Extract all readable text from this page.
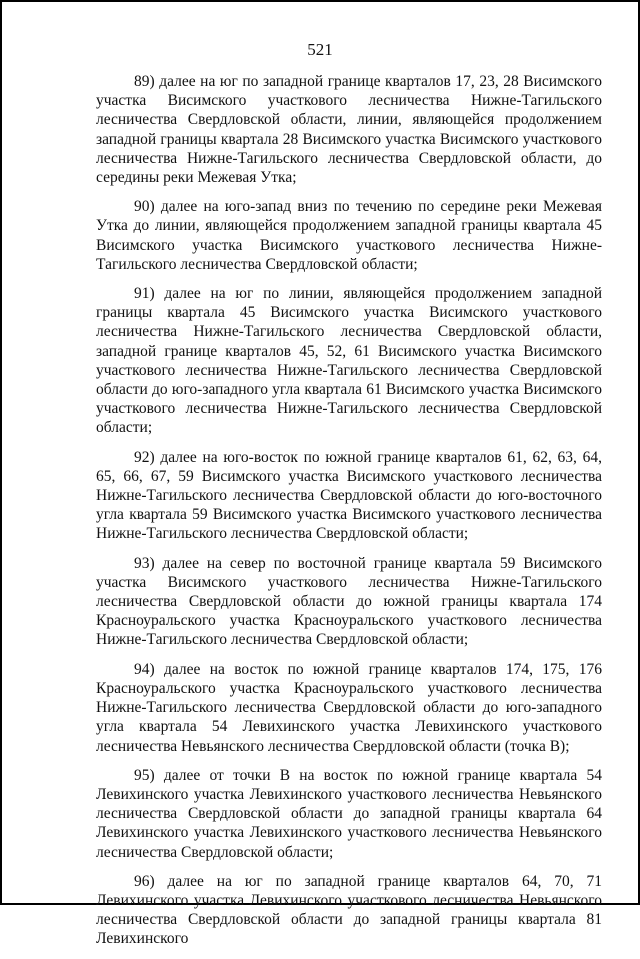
521

89) далее на юг по западной границе кварталов 17, 23, 28 Висимского участка Висимского участкового лесничества Нижне-Тагильского лесничества Свердловской области, линии, являющейся продолжением западной границы квартала 28 Висимского участка Висимского участкового лесничества Нижне-Тагильского лесничества Свердловской области, до середины реки Межевая Утка;

90) далее на юго-запад вниз по течению по середине реки Межевая Утка до линии, являющейся продолжением западной границы квартала 45 Висимского участка Висимского участкового лесничества Нижне-Тагильского лесничества Свердловской области;

91) далее на юг по линии, являющейся продолжением западной границы квартала 45 Висимского участка Висимского участкового лесничества Нижне-Тагильского лесничества Свердловской области, западной границе кварталов 45, 52, 61 Висимского участка Висимского участкового лесничества Нижне-Тагильского лесничества Свердловской области до юго-западного угла квартала 61 Висимского участка Висимского участкового лесничества Нижне-Тагильского лесничества Свердловской области;

92) далее на юго-восток по южной границе кварталов 61, 62, 63, 64, 65, 66, 67, 59 Висимского участка Висимского участкового лесничества Нижне-Тагильского лесничества Свердловской области до юго-восточного угла квартала 59 Висимского участка Висимского участкового лесничества Нижне-Тагильского лесничества Свердловской области;

93) далее на север по восточной границе квартала 59 Висимского участка Висимского участкового лесничества Нижне-Тагильского лесничества Свердловской области до южной границы квартала 174 Красноуральского участка Красноуральского участкового лесничества Нижне-Тагильского лесничества Свердловской области;

94) далее на восток по южной границе кварталов 174, 175, 176 Красноуральского участка Красноуральского участкового лесничества Нижне-Тагильского лесничества Свердловской области до юго-западного угла квартала 54 Левихинского участка Левихинского участкового лесничества Невьянского лесничества Свердловской области (точка В);

95) далее от точки В на восток по южной границе квартала 54 Левихинского участка Левихинского участкового лесничества Невьянского лесничества Свердловской области до западной границы квартала 64 Левихинского участка Левихинского участкового лесничества Невьянского лесничества Свердловской области;

96) далее на юг по западной границе кварталов 64, 70, 71 Левихинского участка Левихинского участкового лесничества Невьянского лесничества Свердловской области до западной границы квартала 81 Левихинского
